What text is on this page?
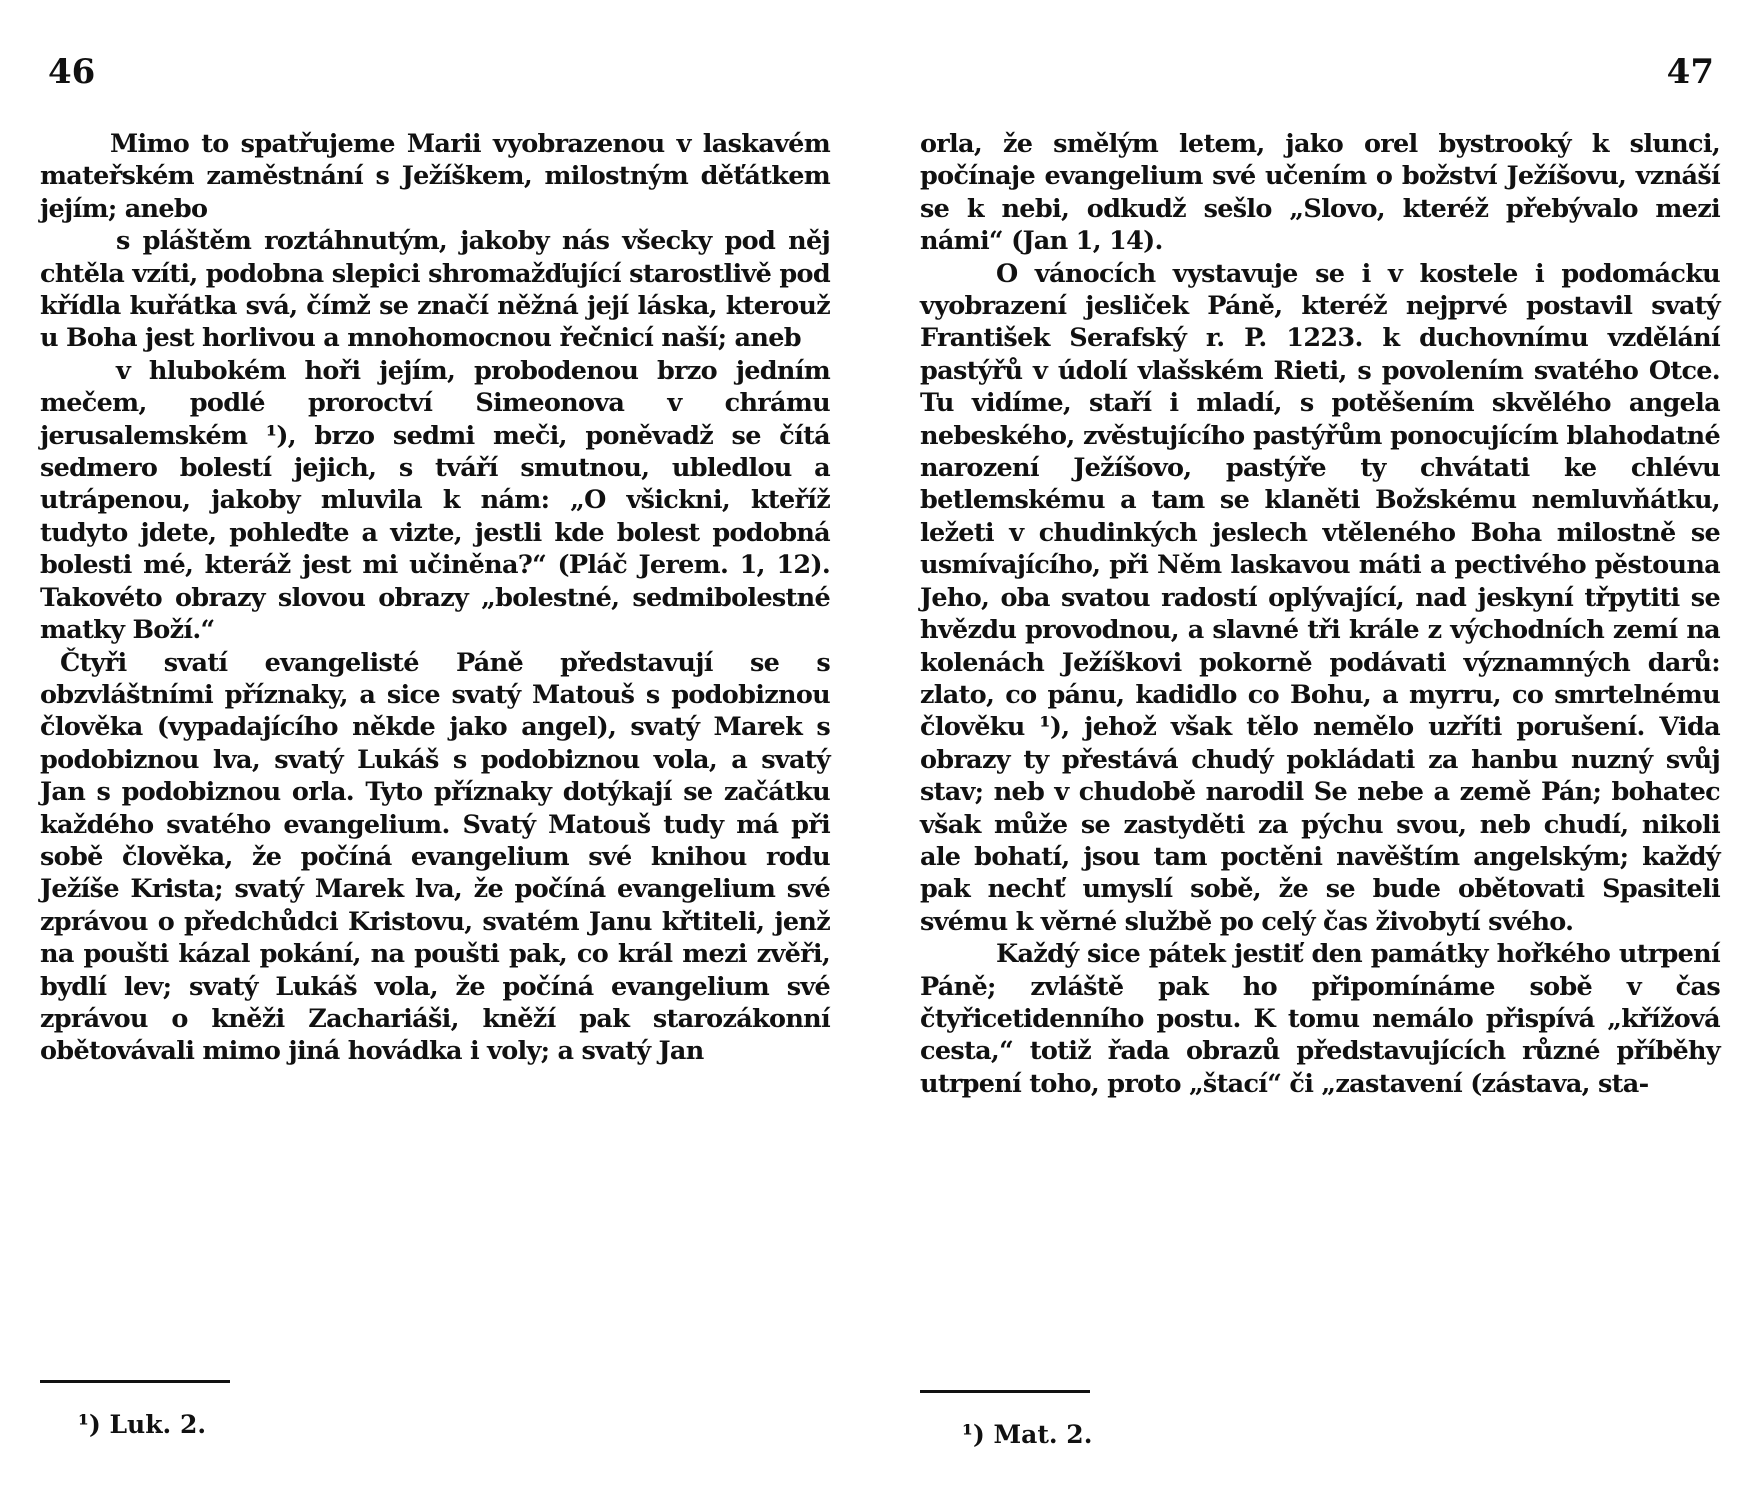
46

Mimo to spatřujeme Marii vyobrazenou v laskavém mateřském zaměstnání s Ježíškem, milostným děťátkem jejím; anebo

s pláštěm roztáhnutým, jakoby nás všecky pod něj chtěla vzíti, podobna slepici shromažďující starostlivě pod křídla kuřátka svá, čímž se značí něžná její láska, kterouž u Boha jest horlivou a mnohomocnou řečnicí naší; aneb

v hlubokém hoři jejím, probodenou brzo jedním mečem, podlé proroctví Simeonova v chrámu jerusalemském ¹), brzo sedmi meči, poněvadž se čítá sedmero bolestí jejich, s tváří smutnou, ubledlou a utrápenou, jakoby mluvila k nám: „O všickni, kteříž tudyto jdete, pohleďte a vizte, jestli kde bolest podobná bolesti mé, kteráž jest mi učiněna?“ (Pláč Jerem. 1, 12). Takovéto obrazy slovou obrazy „bolestné, sedmibolestné matky Boží.“

Čtyři svatí evangelisté Páně představují se s obzvláštními příznaky, a sice svatý Matouš s podobiznou člověka (vypadajícího někde jako angel), svatý Marek s podobiznou lva, svatý Lukáš s podobiznou vola, a svatý Jan s podobiznou orla. Tyto příznaky dotýkají se začátku každého svatého evangelium. Svatý Matouš tudy má při sobě člověka, že počíná evangelium své knihou rodu Ježíše Krista; svatý Marek lva, že počíná evangelium své zprávou o předchůdci Kristovu, svatém Janu křtiteli, jenž na poušti kázal pokání, na poušti pak, co král mezi zvěři, bydlí lev; svatý Lukáš vola, že počíná evangelium své zprávou o kněži Zachariáši, kněží pak starozákonní obětovávali mimo jiná hovádka i voly; a svatý Jan

¹) Luk. 2.
47

orla, že smělým letem, jako orel bystrooký k slunci, počínaje evangelium své učením o božství Ježíšovu, vznáší se k nebi, odkudž sešlo „Slovo, kteréž přebývalo mezi námi“ (Jan 1, 14).

O vánocích vystavuje se i v kostele i podomácku vyobrazení jesliček Páně, kteréž nejprvé postavil svatý František Serafský r. P. 1223. k duchovnímu vzdělání pastýřů v údolí vlašském Rieti, s povolením svatého Otce. Tu vidíme, staří i mladí, s potěšením skvělého angela nebeského, zvěstujícího pastýřům ponocujícím blahodatné narození Ježíšovo, pastýře ty chvátati ke chlévu betlemskému a tam se klaněti Božskému nemluvňátku, ležeti v chudinkých jeslech vtěleného Boha milostně se usmívajícího, při Něm laskavou máti a pectivého pěstouna Jeho, oba svatou radostí oplývající, nad jeskyní třpytiti se hvězdu provodnou, a slavné tři krále z východních zemí na kolenách Ježíškovi pokorně podávati významných darů: zlato, co pánu, kadidlo co Bohu, a myrru, co smrtelnému člověku ¹), jehož však tělo nemělo uzříti porušení. Vida obrazy ty přestává chudý pokládati za hanbu nuzný svůj stav; neb v chudobě narodil Se nebe a země Pán; bohatec však může se zastyděti za pýchu svou, neb chudí, nikoli ale bohatí, jsou tam poctěni navěštím angelským; každý pak nechť umyslí sobě, že se bude obětovati Spasiteli svému k věrné službě po celý čas živobytí svého.

Každý sice pátek jestiť den památky hořkého utrpení Páně; zvláště pak ho připomínáme sobě v čas čtyřicetidenního postu. K tomu nemálo přispívá „křížová cesta,“ totiž řada obrazů představujících různé příběhy utrpení toho, proto „štací“ či „zastavení (zástava, sta-

¹) Mat. 2.
